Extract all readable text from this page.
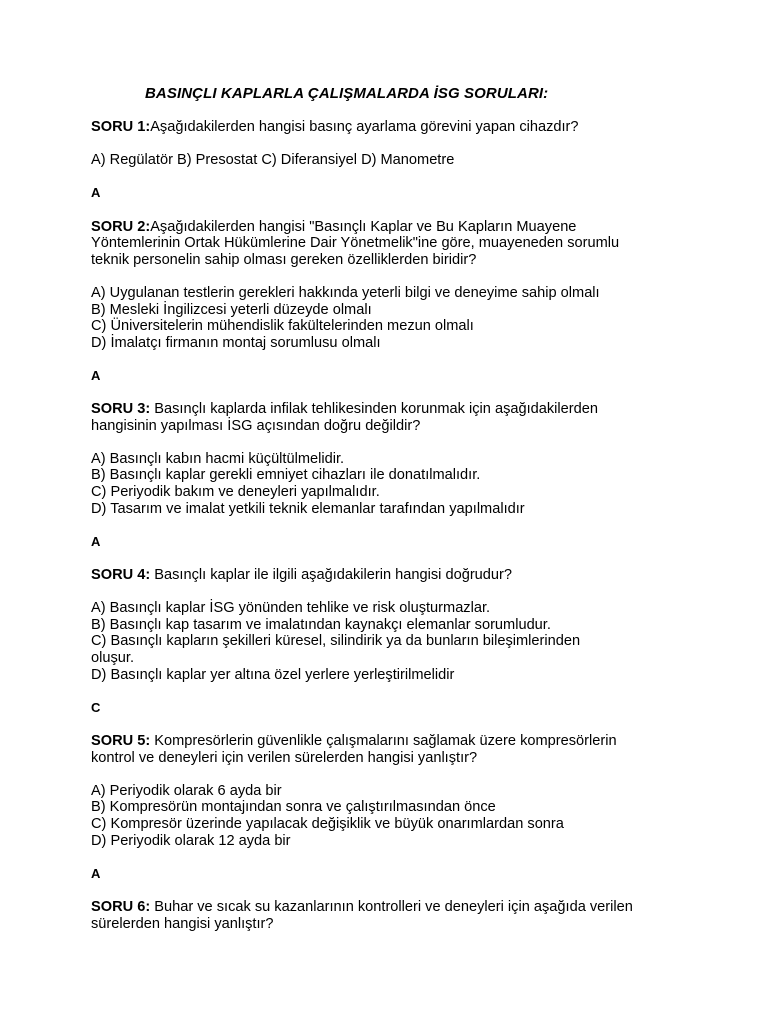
BASINÇLI KAPLARLA ÇALIŞMALARDA İSG SORULARI:

SORU 1:Aşağıdakilerden hangisi basınç ayarlama görevini yapan cihazdır?

A) Regülatör B) Presostat C) Diferansiyel D) Manometre

A

SORU 2:Aşağıdakilerden hangisi "Basınçlı Kaplar ve Bu Kapların Muayene
Yöntemlerinin Ortak Hükümlerine Dair Yönetmelik"ine göre, muayeneden sorumlu
teknik personelin sahip olması gereken özelliklerden biridir?

A) Uygulanan testlerin gerekleri hakkında yeterli bilgi ve deneyime sahip olmalı
B) Mesleki İngilizcesi yeterli düzeyde olmalı
C) Üniversitelerin mühendislik fakültelerinden mezun olmalı
D) İmalatçı firmanın montaj sorumlusu olmalı

A

SORU 3: Basınçlı kaplarda infilak tehlikesinden korunmak için aşağıdakilerden
hangisinin yapılması İSG açısından doğru değildir?

A) Basınçlı kabın hacmi küçültülmelidir.
B) Basınçlı kaplar gerekli emniyet cihazları ile donatılmalıdır.
C) Periyodik bakım ve deneyleri yapılmalıdır.
D) Tasarım ve imalat yetkili teknik elemanlar tarafından yapılmalıdır

A

SORU 4: Basınçlı kaplar ile ilgili aşağıdakilerin hangisi doğrudur?

A) Basınçlı kaplar İSG yönünden tehlike ve risk oluşturmazlar.
B) Basınçlı kap tasarım ve imalatından kaynakçı elemanlar sorumludur.
C) Basınçlı kapların şekilleri küresel, silindirik ya da bunların bileşimlerinden
oluşur.
D) Basınçlı kaplar yer altına özel yerlere yerleştirilmelidir

C

SORU 5: Kompresörlerin güvenlikle çalışmalarını sağlamak üzere kompresörlerin
kontrol ve deneyleri için verilen sürelerden hangisi yanlıştır?

A) Periyodik olarak 6 ayda bir
B) Kompresörün montajından sonra ve çalıştırılmasından önce
C) Kompresör üzerinde yapılacak değişiklik ve büyük onarımlardan sonra
D) Periyodik olarak 12 ayda bir

A

SORU 6: Buhar ve sıcak su kazanlarının kontrolleri ve deneyleri için aşağıda verilen
sürelerden hangisi yanlıştır?
